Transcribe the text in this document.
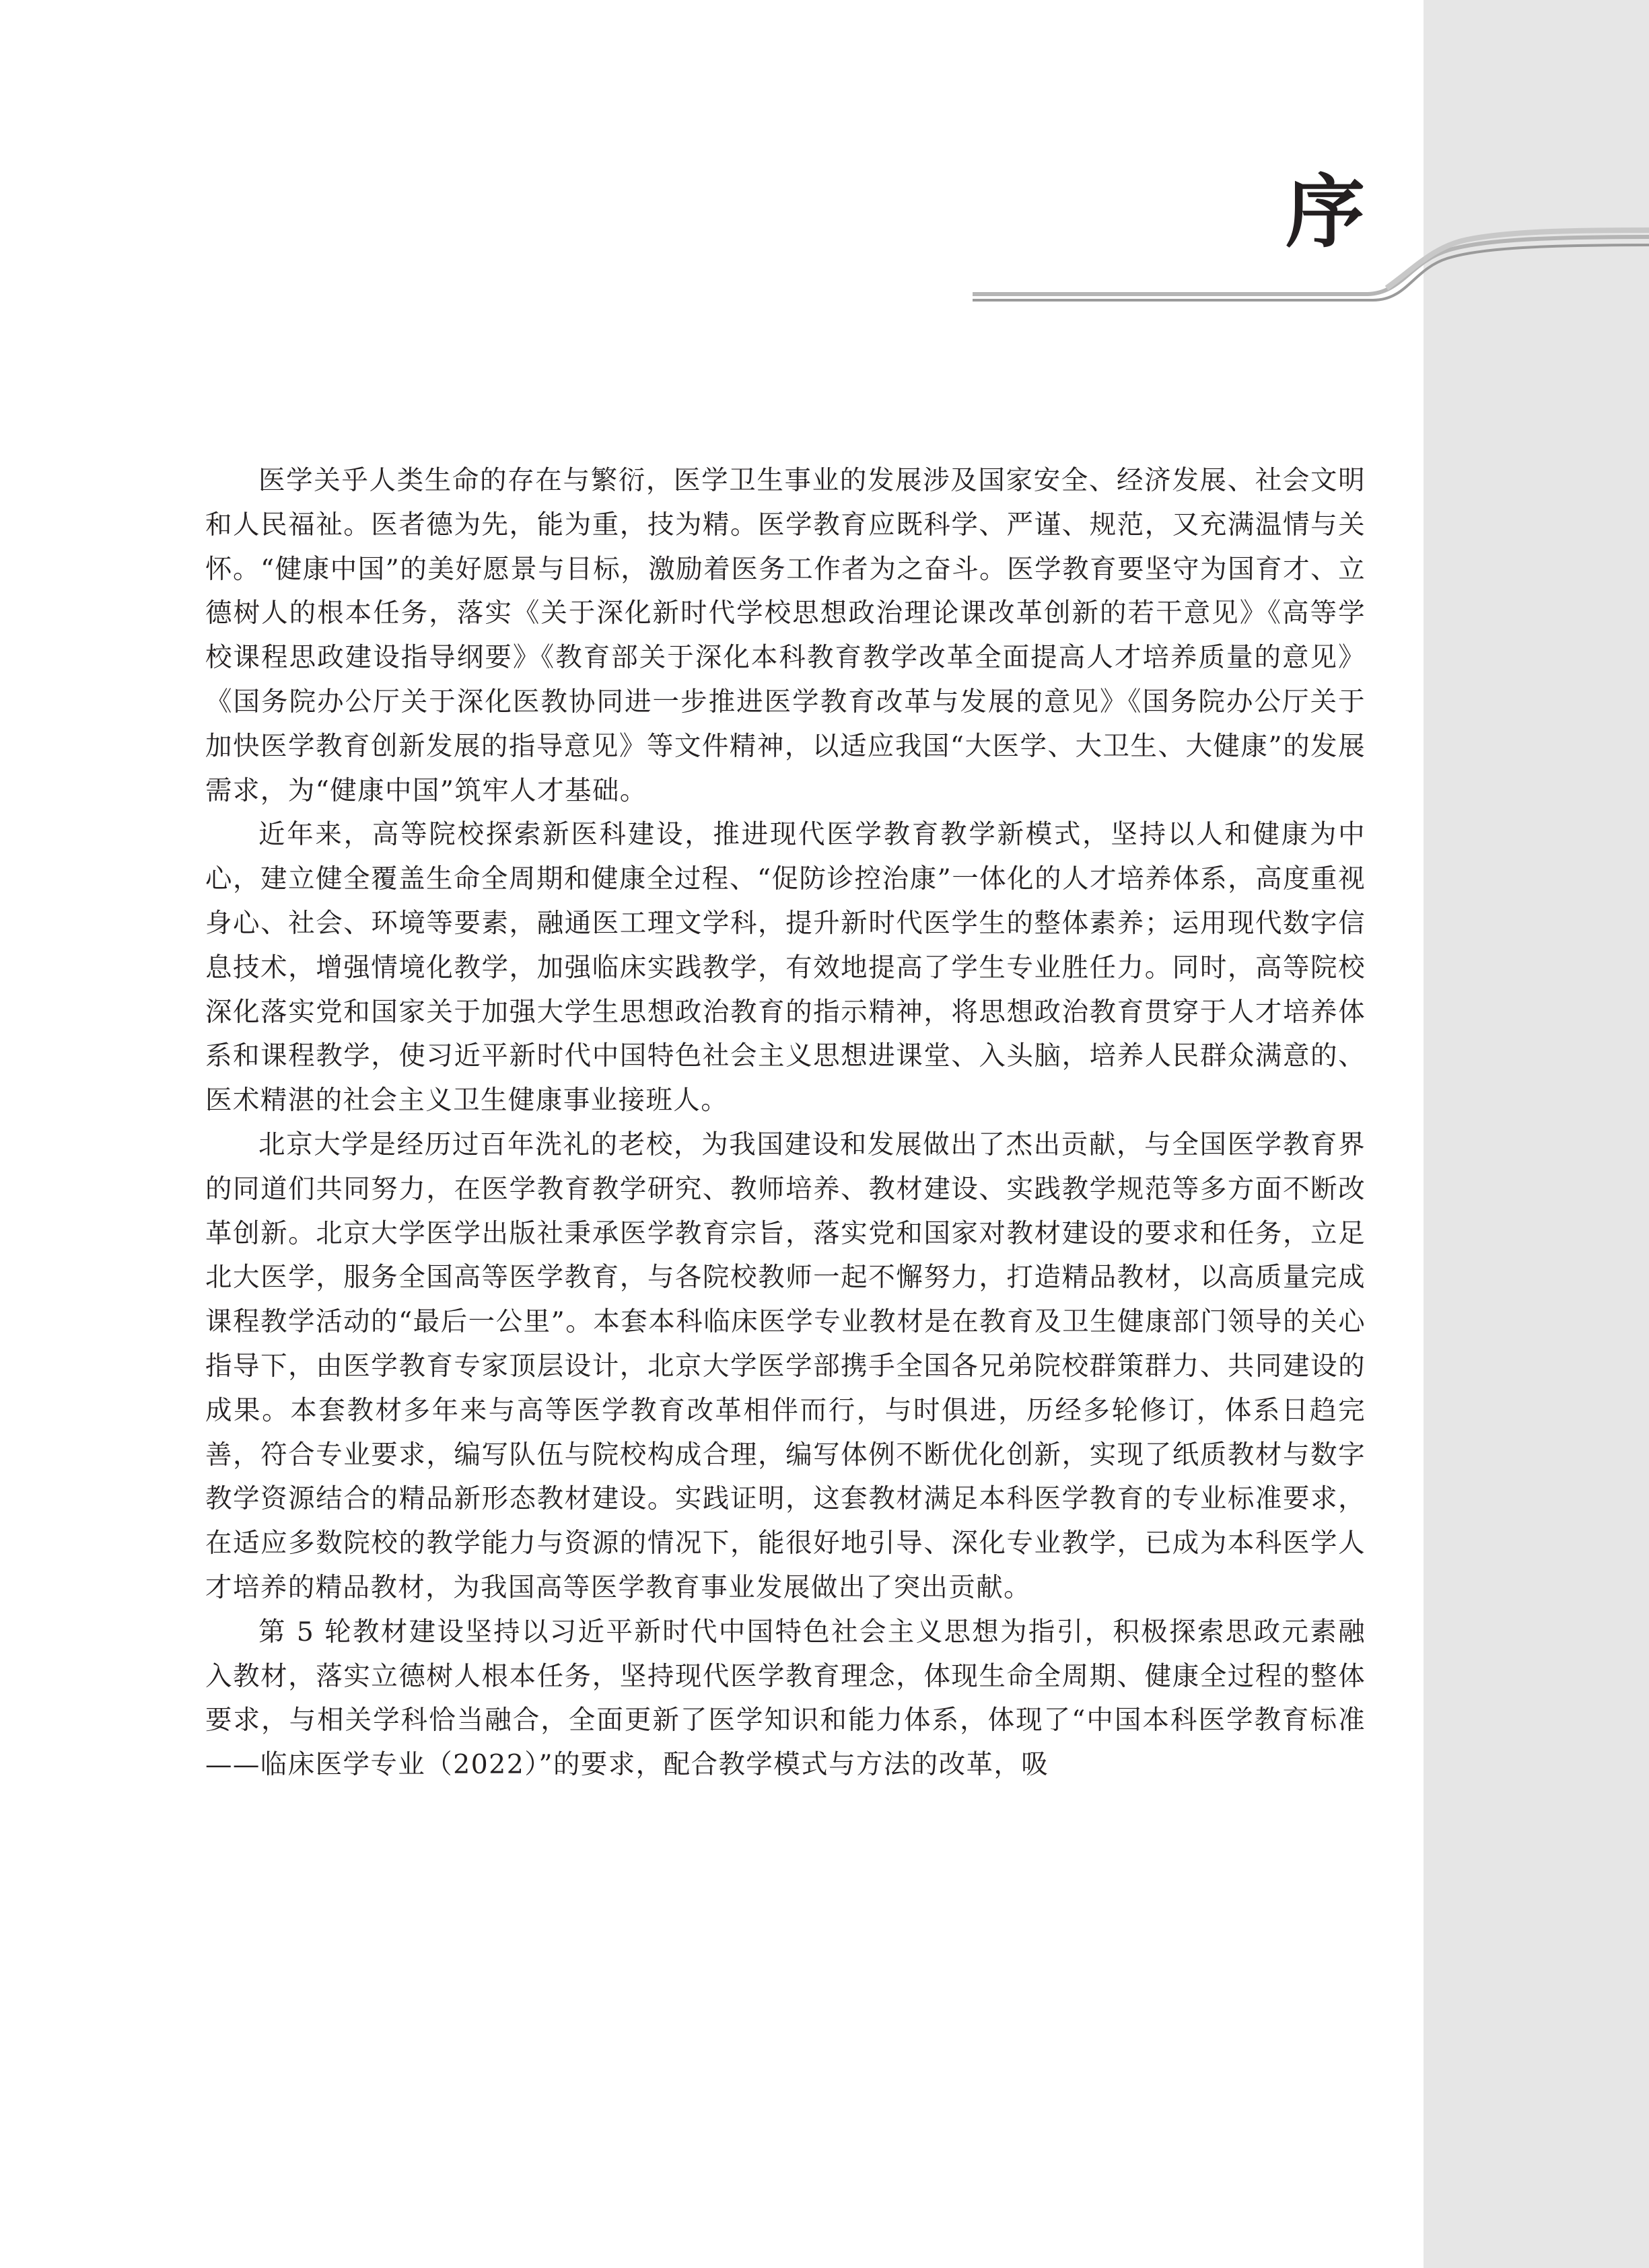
序

医学关乎人类生命的存在与繁衍，医学卫生事业的发展涉及国家安全、经济发展、社会文明和人民福祉。医者德为先，能为重，技为精。医学教育应既科学、严谨、规范，又充满温情与关怀。“健康中国”的美好愿景与目标，激励着医务工作者为之奋斗。医学教育要坚守为国育才、立德树人的根本任务，落实《关于深化新时代学校思想政治理论课改革创新的若干意见》《高等学校课程思政建设指导纲要》《教育部关于深化本科教育教学改革全面提高人才培养质量的意见》《国务院办公厅关于深化医教协同进一步推进医学教育改革与发展的意见》《国务院办公厅关于加快医学教育创新发展的指导意见》等文件精神，以适应我国“大医学、大卫生、大健康”的发展需求，为“健康中国”筑牢人才基础。

近年来，高等院校探索新医科建设，推进现代医学教育教学新模式，坚持以人和健康为中心，建立健全覆盖生命全周期和健康全过程、“促防诊控治康”一体化的人才培养体系，高度重视身心、社会、环境等要素，融通医工理文学科，提升新时代医学生的整体素养；运用现代数字信息技术，增强情境化教学，加强临床实践教学，有效地提高了学生专业胜任力。同时，高等院校深化落实党和国家关于加强大学生思想政治教育的指示精神，将思想政治教育贯穿于人才培养体系和课程教学，使习近平新时代中国特色社会主义思想进课堂、入头脑，培养人民群众满意的、医术精湛的社会主义卫生健康事业接班人。

北京大学是经历过百年洗礼的老校，为我国建设和发展做出了杰出贡献，与全国医学教育界的同道们共同努力，在医学教育教学研究、教师培养、教材建设、实践教学规范等多方面不断改革创新。北京大学医学出版社秉承医学教育宗旨，落实党和国家对教材建设的要求和任务，立足北大医学，服务全国高等医学教育，与各院校教师一起不懈努力，打造精品教材，以高质量完成课程教学活动的“最后一公里”。本套本科临床医学专业教材是在教育及卫生健康部门领导的关心指导下，由医学教育专家顶层设计，北京大学医学部携手全国各兄弟院校群策群力、共同建设的成果。本套教材多年来与高等医学教育改革相伴而行，与时俱进，历经多轮修订，体系日趋完善，符合专业要求，编写队伍与院校构成合理，编写体例不断优化创新，实现了纸质教材与数字教学资源结合的精品新形态教材建设。实践证明，这套教材满足本科医学教育的专业标准要求，在适应多数院校的教学能力与资源的情况下，能很好地引导、深化专业教学，已成为本科医学人才培养的精品教材，为我国高等医学教育事业发展做出了突出贡献。

第 5 轮教材建设坚持以习近平新时代中国特色社会主义思想为指引，积极探索思政元素融入教材，落实立德树人根本任务，坚持现代医学教育理念，体现生命全周期、健康全过程的整体要求，与相关学科恰当融合，全面更新了医学知识和能力体系，体现了“中国本科医学教育标准——临床医学专业（2022）”的要求，配合教学模式与方法的改革，吸
